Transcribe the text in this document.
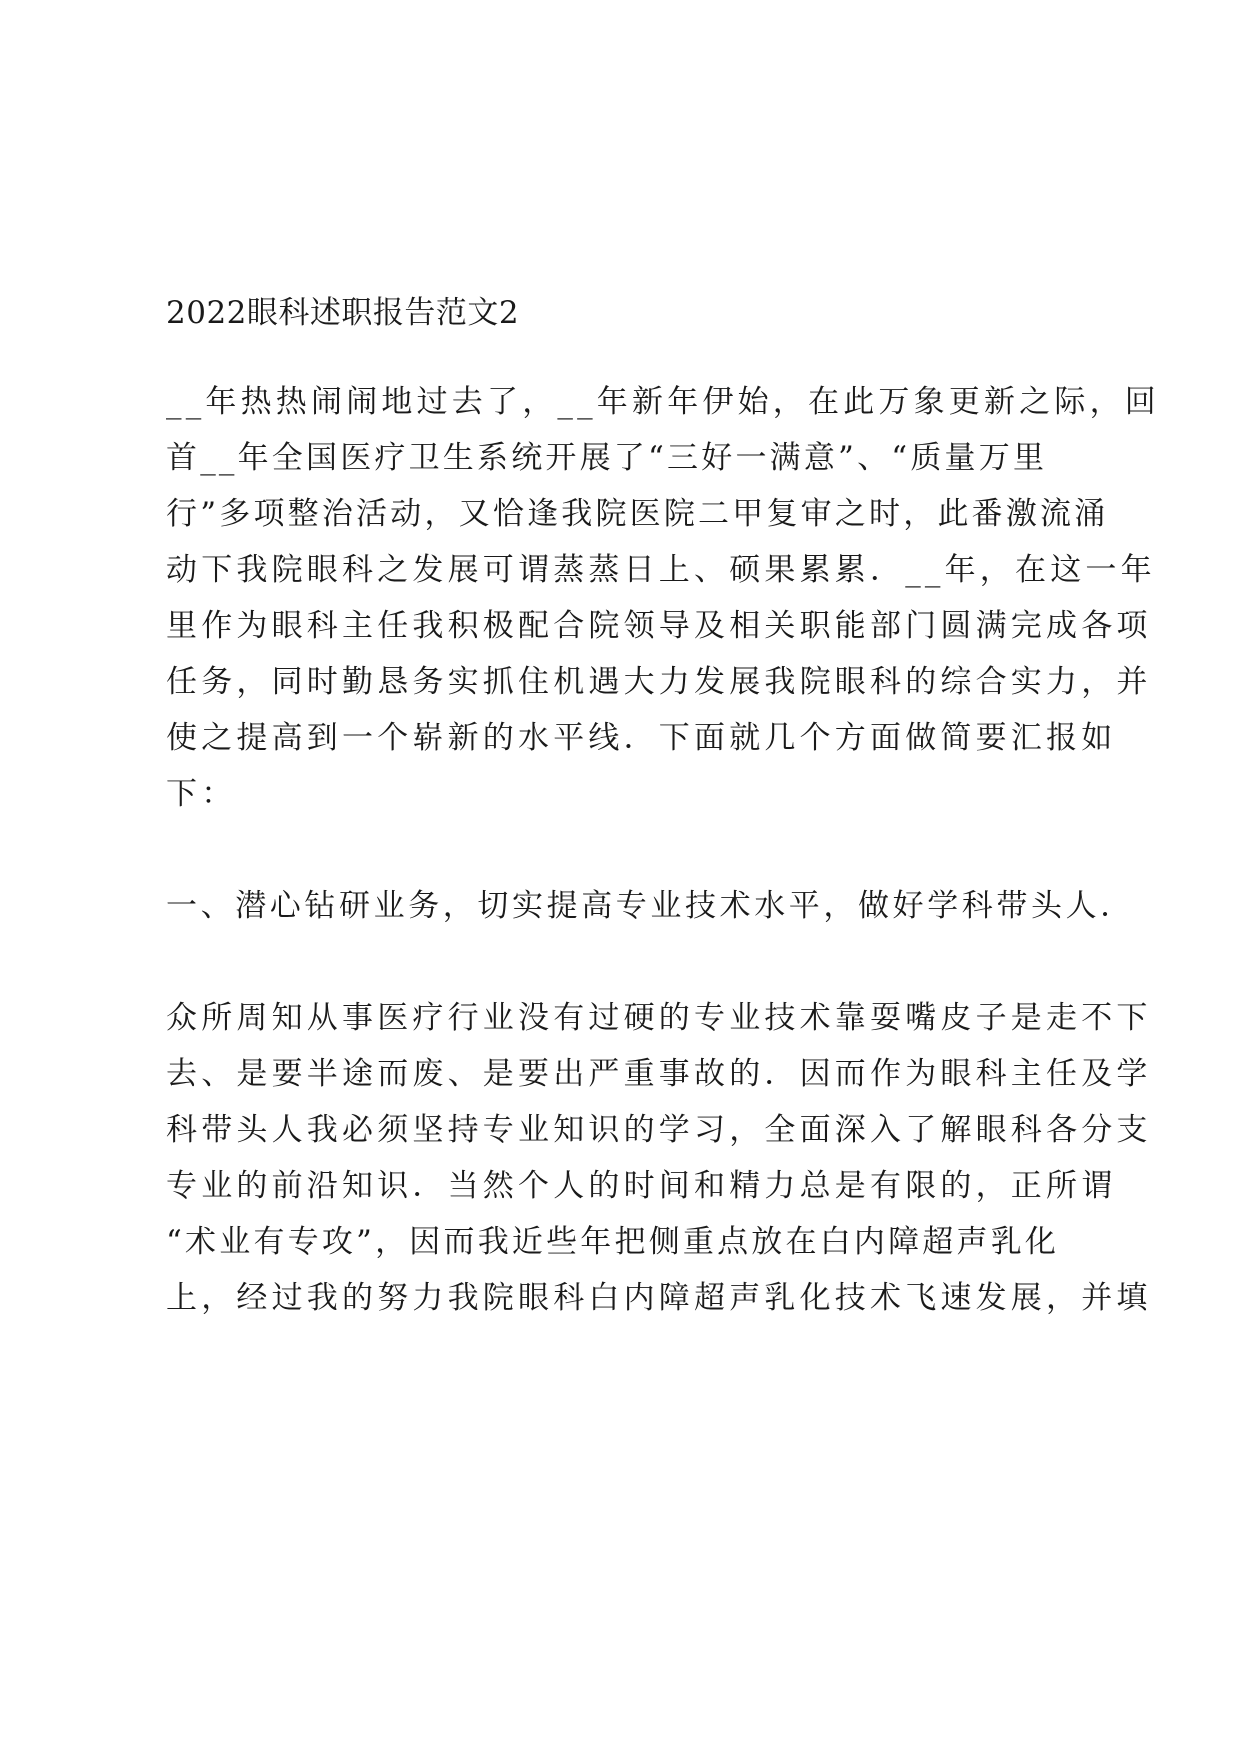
2022眼科述职报告范文2
__年热热闹闹地过去了，__年新年伊始，在此万象更新之际，回
首__年全国医疗卫生系统开展了“三好一满意”、“质量万里
行”多项整治活动，又恰逢我院医院二甲复审之时，此番激流涌
动下我院眼科之发展可谓蒸蒸日上、硕果累累．__年，在这一年
里作为眼科主任我积极配合院领导及相关职能部门圆满完成各项
任务，同时勤恳务实抓住机遇大力发展我院眼科的综合实力，并
使之提高到一个崭新的水平线．下面就几个方面做简要汇报如
下：
一、潜心钻研业务，切实提高专业技术水平，做好学科带头人．
众所周知从事医疗行业没有过硬的专业技术靠耍嘴皮子是走不下
去、是要半途而废、是要出严重事故的．因而作为眼科主任及学
科带头人我必须坚持专业知识的学习，全面深入了解眼科各分支
专业的前沿知识．当然个人的时间和精力总是有限的，正所谓
“术业有专攻”，因而我近些年把侧重点放在白内障超声乳化
上，经过我的努力我院眼科白内障超声乳化技术飞速发展，并填
